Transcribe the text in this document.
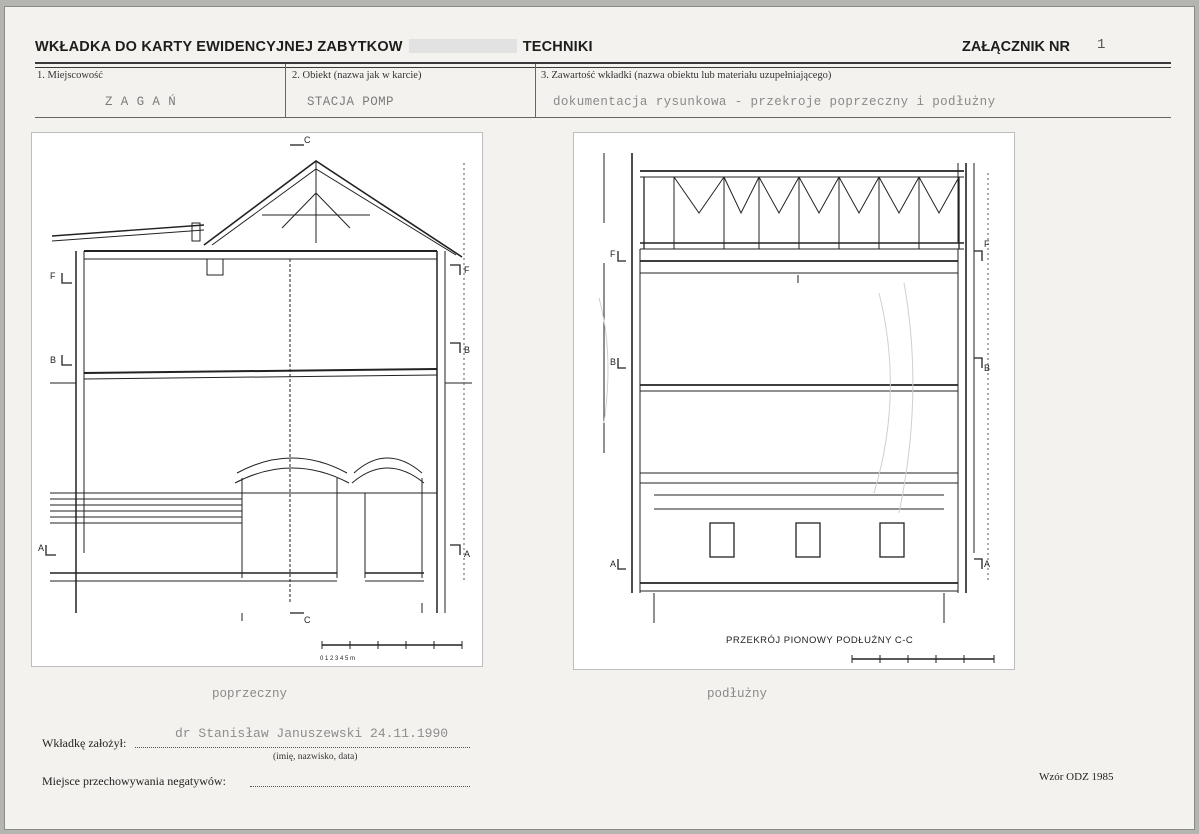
WKŁADKA DO KARTY EWIDENCYJNEJ ZABYTKOW	TECHNIKI	ZAŁĄCZNIK NR 1
1. Miejscowość
Z A G A Ń
2. Obiekt (nazwa jak w karcie)
STACJA POMP
3. Zawartość wkładki (nazwa obiektu lub materiału uzupełniającego)
dokumentacja rysunkowa - przekroje poprzeczny i podłużny
C
C
F
F
B
B
A
A
0 1 2 3 4 5 m
F
F
B
B
A	A
PRZEKRÓJ PIONOWY PODŁUŻNY C-C
poprzeczny	podłużny
Wkładkę założył:
dr Stanisław Januszewski 24.11.1990
(imię, nazwisko, data)
Miejsce przechowywania negatywów:	Wzór ODZ 1985
